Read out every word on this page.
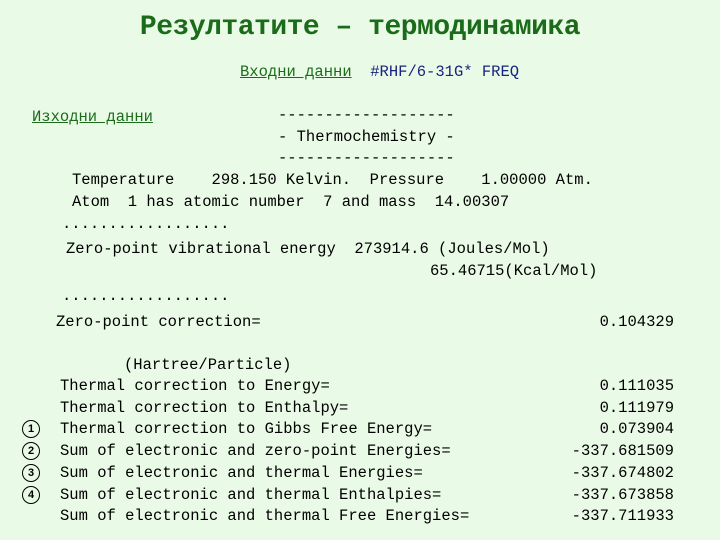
Резултатите – термодинамика
Входни данни #RHF/6-31G* FREQ
Изходни данни	-------------------
- Thermochemistry -
-------------------
Temperature    298.150 Kelvin.  Pressure    1.00000 Atm.
Atom  1 has atomic number  7 and mass  14.00307
..................
Zero-point vibrational energy  273914.6 (Joules/Mol)
65.46715(Kcal/Mol)
..................
Zero-point correction=	0.104329
(Hartree/Particle)
Thermal correction to Energy=	0.111035
Thermal correction to Enthalpy=	0.111979
Thermal correction to Gibbs Free Energy=	0.073904
1
Sum of electronic and zero-point Energies=	-337.681509
2
Sum of electronic and thermal Energies=	-337.674802
3
Sum of electronic and thermal Enthalpies=	-337.673858
4
Sum of electronic and thermal Free Energies=	-337.711933
